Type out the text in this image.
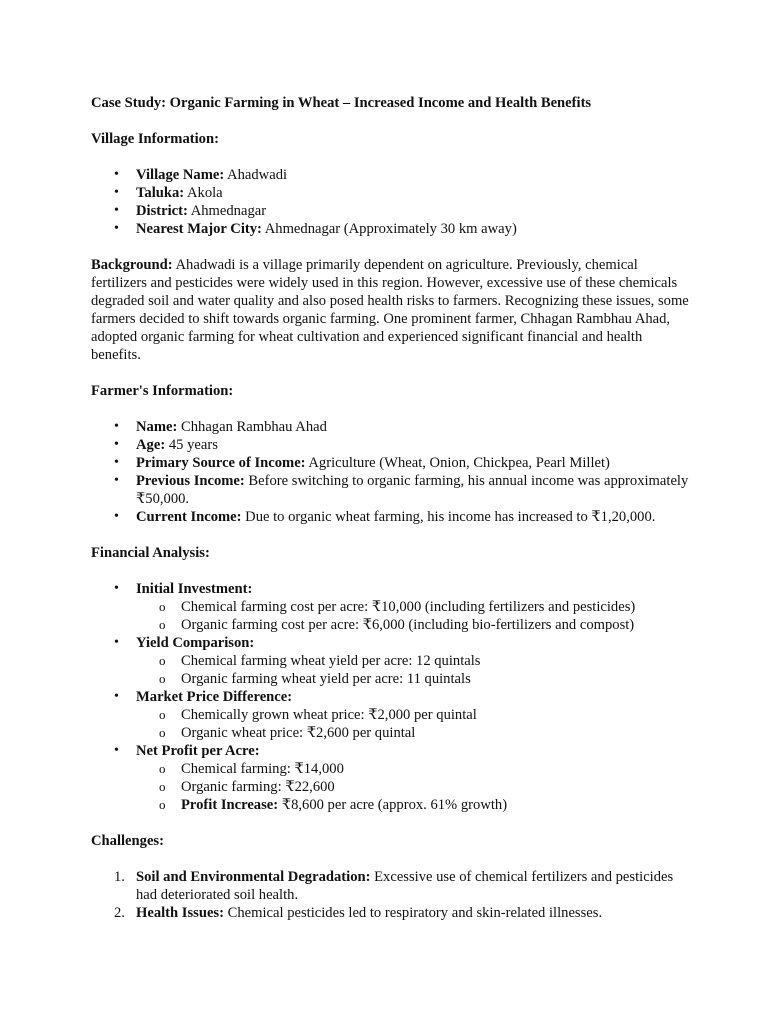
Case Study: Organic Farming in Wheat – Increased Income and Health Benefits

Village Information:

• Village Name: Ahadwadi
• Taluka: Akola
• District: Ahmednagar
• Nearest Major City: Ahmednagar (Approximately 30 km away)

Background: Ahadwadi is a village primarily dependent on agriculture. Previously, chemical fertilizers and pesticides were widely used in this region. However, excessive use of these chemicals degraded soil and water quality and also posed health risks to farmers. Recognizing these issues, some farmers decided to shift towards organic farming. One prominent farmer, Chhagan Rambhau Ahad, adopted organic farming for wheat cultivation and experienced significant financial and health benefits.

Farmer's Information:

• Name: Chhagan Rambhau Ahad
• Age: 45 years
• Primary Source of Income: Agriculture (Wheat, Onion, Chickpea, Pearl Millet)
• Previous Income: Before switching to organic farming, his annual income was approximately ₹50,000.
• Current Income: Due to organic wheat farming, his income has increased to ₹1,20,000.

Financial Analysis:

• Initial Investment:
o Chemical farming cost per acre: ₹10,000 (including fertilizers and pesticides)
o Organic farming cost per acre: ₹6,000 (including bio-fertilizers and compost)
• Yield Comparison:
o Chemical farming wheat yield per acre: 12 quintals
o Organic farming wheat yield per acre: 11 quintals
• Market Price Difference:
o Chemically grown wheat price: ₹2,000 per quintal
o Organic wheat price: ₹2,600 per quintal
• Net Profit per Acre:
o Chemical farming: ₹14,000
o Organic farming: ₹22,600
o Profit Increase: ₹8,600 per acre (approx. 61% growth)

Challenges:

1. Soil and Environmental Degradation: Excessive use of chemical fertilizers and pesticides had deteriorated soil health.
2. Health Issues: Chemical pesticides led to respiratory and skin-related illnesses.
